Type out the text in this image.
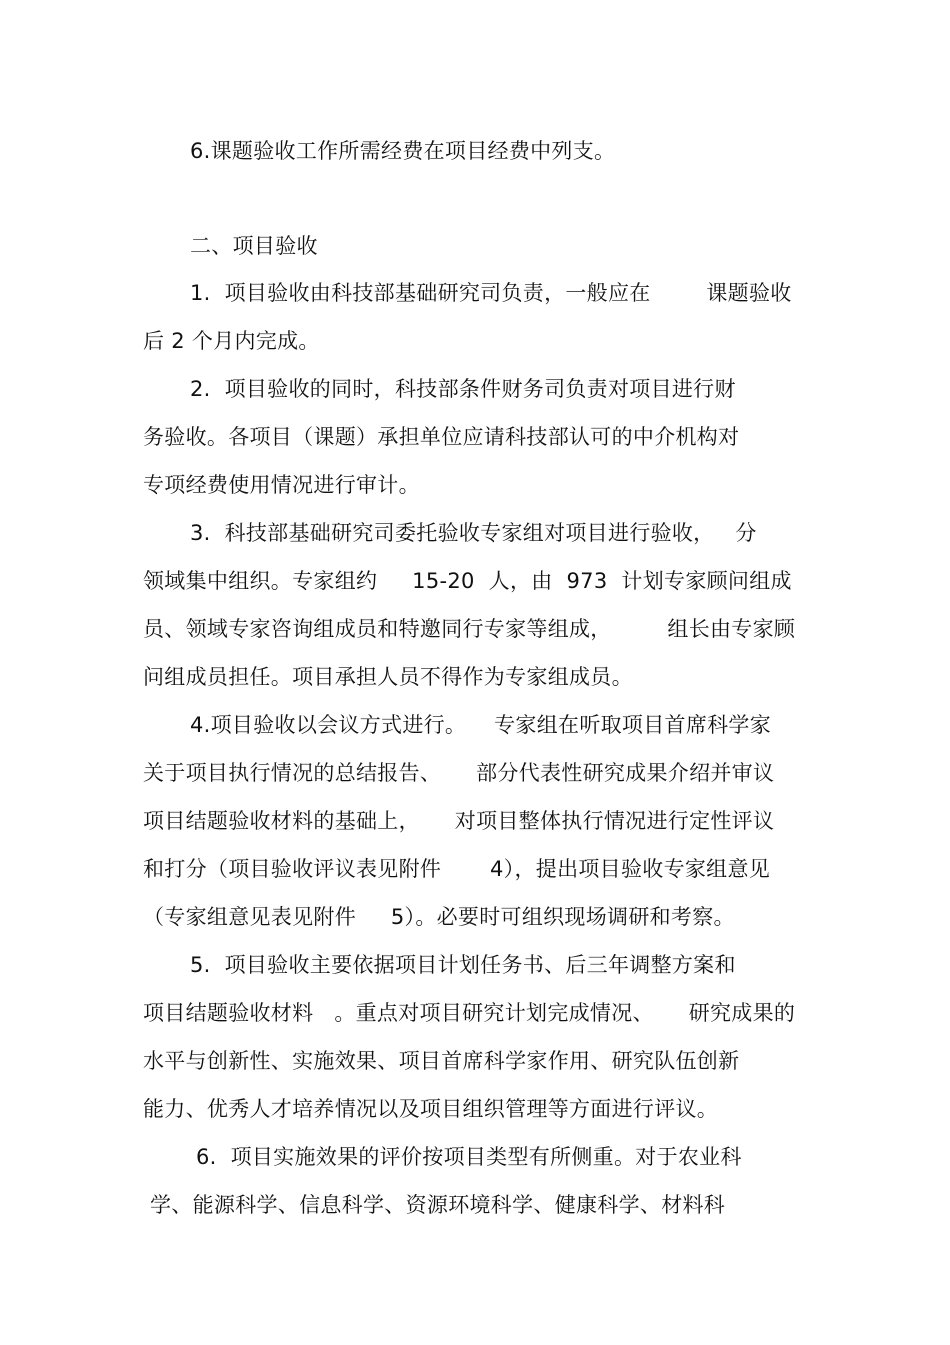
6.课题验收工作所需经费在项目经费中列支。
二、项目验收
1.  项目验收由科技部基础研究司负责，一般应在        课题验收
后 2 个月内完成。
2.  项目验收的同时，科技部条件财务司负责对项目进行财
务验收。各项目（课题）承担单位应请科技部认可的中介机构对
专项经费使用情况进行审计。
3.  科技部基础研究司委托验收专家组对项目进行验收，   分
领域集中组织。专家组约     15-20  人，由  973  计划专家顾问组成
员、领域专家咨询组成员和特邀同行专家等组成，        组长由专家顾
问组成员担任。项目承担人员不得作为专家组成员。
4.项目验收以会议方式进行。    专家组在听取项目首席科学家
关于项目执行情况的总结报告、     部分代表性研究成果介绍并审议
项目结题验收材料的基础上，     对项目整体执行情况进行定性评议
和打分（项目验收评议表见附件       4），提出项目验收专家组意见
（专家组意见表见附件     5）。必要时可组织现场调研和考察。
5.  项目验收主要依据项目计划任务书、后三年调整方案和
项目结题验收材料   。重点对项目研究计划完成情况、     研究成果的
水平与创新性、实施效果、项目首席科学家作用、研究队伍创新
能力、优秀人才培养情况以及项目组织管理等方面进行评议。
6.  项目实施效果的评价按项目类型有所侧重。对于农业科
学、能源科学、信息科学、资源环境科学、健康科学、材料科
